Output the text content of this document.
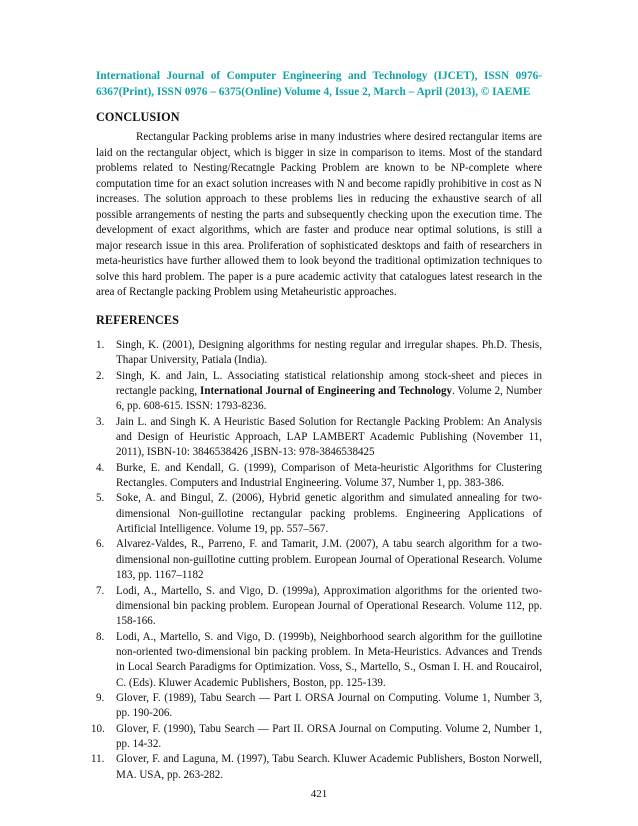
International Journal of Computer Engineering and Technology (IJCET), ISSN 0976-
6367(Print), ISSN 0976 – 6375(Online) Volume 4, Issue 2, March – April (2013), © IAEME
CONCLUSION
Rectangular Packing problems arise in many industries where desired rectangular items are laid on the rectangular object, which is bigger in size in comparison to items. Most of the standard problems related to Nesting/Recatngle Packing Problem are known to be NP-complete where computation time for an exact solution increases with N and become rapidly prohibitive in cost as N increases. The solution approach to these problems lies in reducing the exhaustive search of all possible arrangements of nesting the parts and subsequently checking upon the execution time. The development of exact algorithms, which are faster and produce near optimal solutions, is still a major research issue in this area. Proliferation of sophisticated desktops and faith of researchers in meta-heuristics have further allowed them to look beyond the traditional optimization techniques to solve this hard problem. The paper is a pure academic activity that catalogues latest research in the area of Rectangle packing Problem using Metaheuristic approaches.
REFERENCES
1. Singh, K. (2001), Designing algorithms for nesting regular and irregular shapes. Ph.D. Thesis, Thapar University, Patiala (India).
2. Singh, K. and Jain, L. Associating statistical relationship among stock-sheet and pieces in rectangle packing, International Journal of Engineering and Technology. Volume 2, Number 6, pp. 608-615. ISSN: 1793-8236.
3. Jain L. and Singh K. A Heuristic Based Solution for Rectangle Packing Problem: An Analysis and Design of Heuristic Approach, LAP LAMBERT Academic Publishing (November 11, 2011), ISBN-10: 3846538426 ,ISBN-13: 978-3846538425
4. Burke, E. and Kendall, G. (1999), Comparison of Meta-heuristic Algorithms for Clustering Rectangles. Computers and Industrial Engineering. Volume 37, Number 1, pp. 383-386.
5. Soke, A. and Bingul, Z. (2006), Hybrid genetic algorithm and simulated annealing for two-dimensional Non-guillotine rectangular packing problems. Engineering Applications of Artificial Intelligence. Volume 19, pp. 557–567.
6. Alvarez-Valdes, R., Parreno, F. and Tamarit, J.M. (2007), A tabu search algorithm for a two-dimensional non-guillotine cutting problem. European Journal of Operational Research. Volume 183, pp. 1167–1182
7. Lodi, A., Martello, S. and Vigo, D. (1999a), Approximation algorithms for the oriented two-dimensional bin packing problem. European Journal of Operational Research. Volume 112, pp. 158-166.
8. Lodi, A., Martello, S. and Vigo, D. (1999b), Neighborhood search algorithm for the guillotine non-oriented two-dimensional bin packing problem. In Meta-Heuristics. Advances and Trends in Local Search Paradigms for Optimization. Voss, S., Martello, S., Osman I. H. and Roucairol, C. (Eds). Kluwer Academic Publishers, Boston, pp. 125-139.
9. Glover, F. (1989), Tabu Search — Part I. ORSA Journal on Computing. Volume 1, Number 3, pp. 190-206.
10. Glover, F. (1990), Tabu Search — Part II. ORSA Journal on Computing. Volume 2, Number 1, pp. 14-32.
11. Glover, F. and Laguna, M. (1997), Tabu Search. Kluwer Academic Publishers, Boston Norwell, MA. USA, pp. 263-282.
421
